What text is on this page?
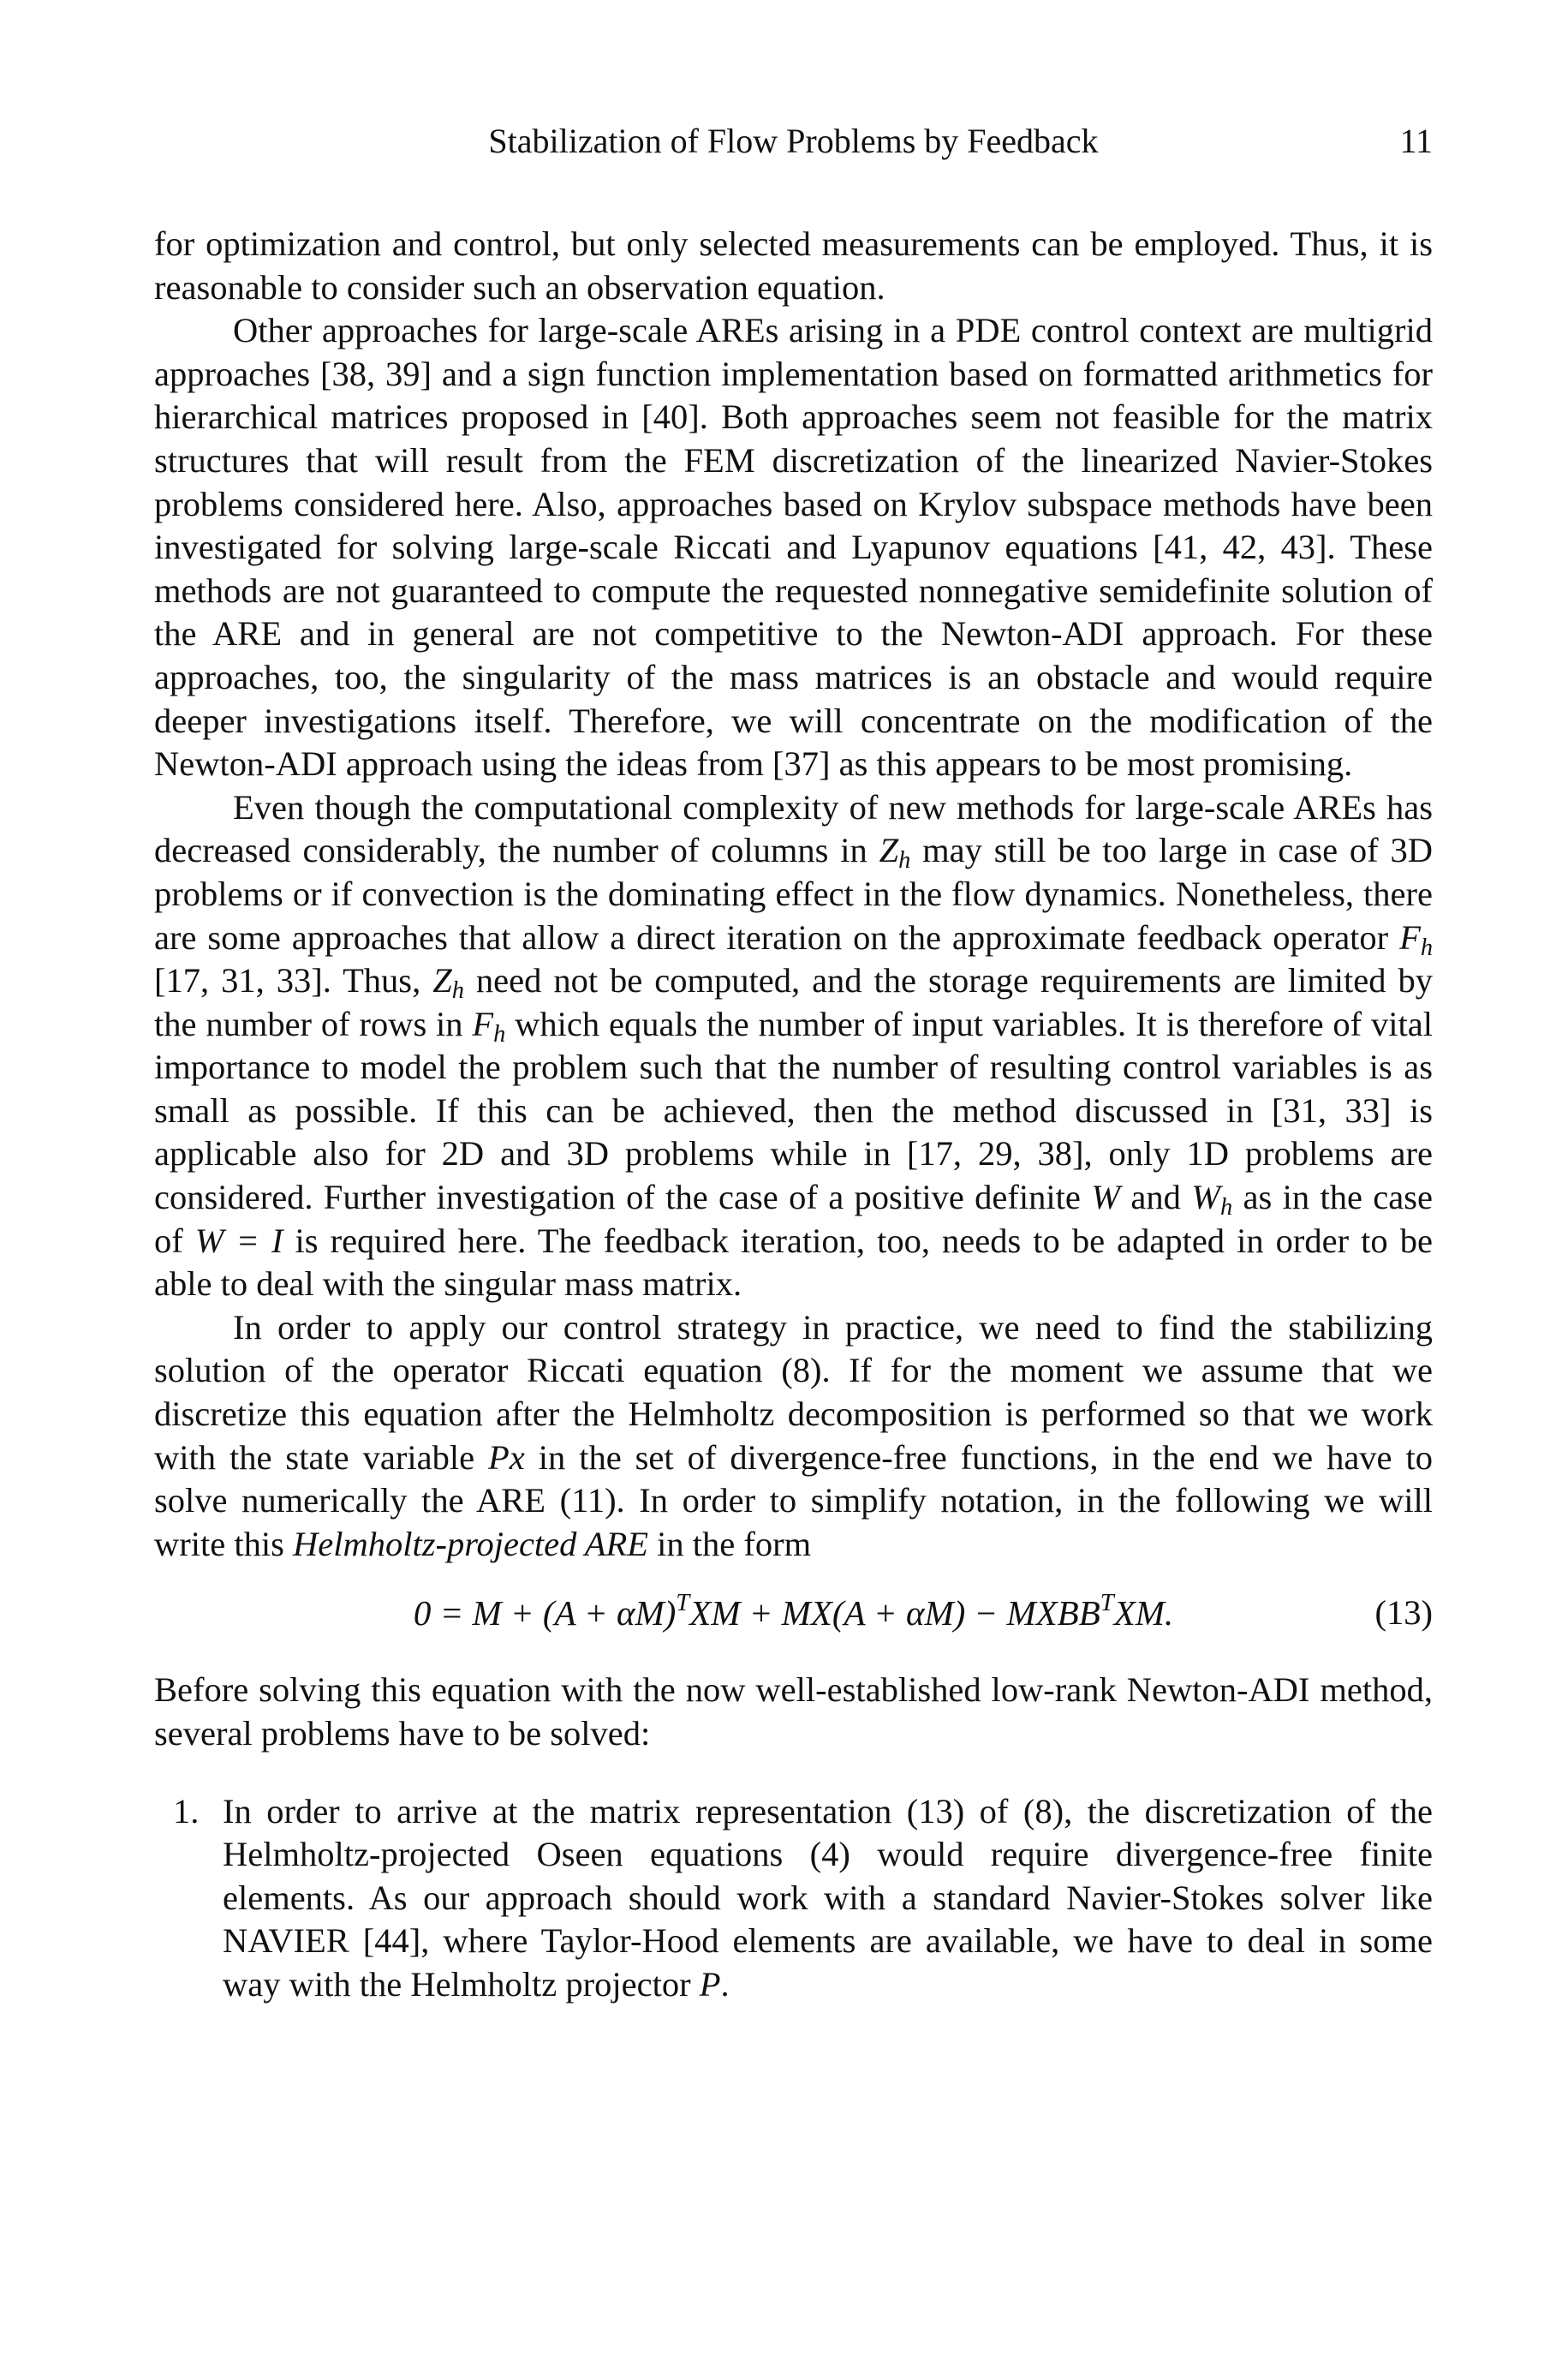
Stabilization of Flow Problems by Feedback	11

for optimization and control, but only selected measurements can be employed. Thus, it is reasonable to consider such an observation equation.

Other approaches for large-scale AREs arising in a PDE control context are multigrid approaches [38, 39] and a sign function implementation based on formatted arithmetics for hierarchical matrices proposed in [40]. Both approaches seem not feasible for the matrix structures that will result from the FEM discretization of the linearized Navier-Stokes problems considered here. Also, approaches based on Krylov subspace methods have been investigated for solving large-scale Riccati and Lyapunov equations [41, 42, 43]. These methods are not guaranteed to compute the requested nonnegative semidefinite solution of the ARE and in general are not competitive to the Newton-ADI approach. For these approaches, too, the singularity of the mass matrices is an obstacle and would require deeper investigations itself. Therefore, we will concentrate on the modification of the Newton-ADI approach using the ideas from [37] as this appears to be most promising.

Even though the computational complexity of new methods for large-scale AREs has decreased considerably, the number of columns in $Z_h$ may still be too large in case of 3D problems or if convection is the dominating effect in the flow dynamics. Nonetheless, there are some approaches that allow a direct iteration on the approximate feedback operator $F_h$ [17, 31, 33]. Thus, $Z_h$ need not be computed, and the storage requirements are limited by the number of rows in $F_h$ which equals the number of input variables. It is therefore of vital importance to model the problem such that the number of resulting control variables is as small as possible. If this can be achieved, then the method discussed in [31, 33] is applicable also for 2D and 3D problems while in [17, 29, 38], only 1D problems are considered. Further investigation of the case of a positive definite W and $W_h$ as in the case of W = I is required here. The feedback iteration, too, needs to be adapted in order to be able to deal with the singular mass matrix.

In order to apply our control strategy in practice, we need to find the stabilizing solution of the operator Riccati equation (8). If for the moment we assume that we discretize this equation after the Helmholtz decomposition is performed so that we work with the state variable Px in the set of divergence-free functions, in the end we have to solve numerically the ARE (11). In order to simplify notation, in the following we will write this Helmholtz-projected ARE in the form

$0 = M + (A + \alpha M)^TXM + MX(A + \alpha M)$ − $MXBB^TXM$.	(13)

Before solving this equation with the now well-established low-rank Newton-ADI method, several problems have to be solved:

1. In order to arrive at the matrix representation (13) of (8), the discretization of the Helmholtz-projected Oseen equations (4) would require divergence-free finite elements. As our approach should work with a standard Navier-Stokes solver like NAVIER [44], where Taylor-Hood elements are available, we have to deal in some way with the Helmholtz projector P.
